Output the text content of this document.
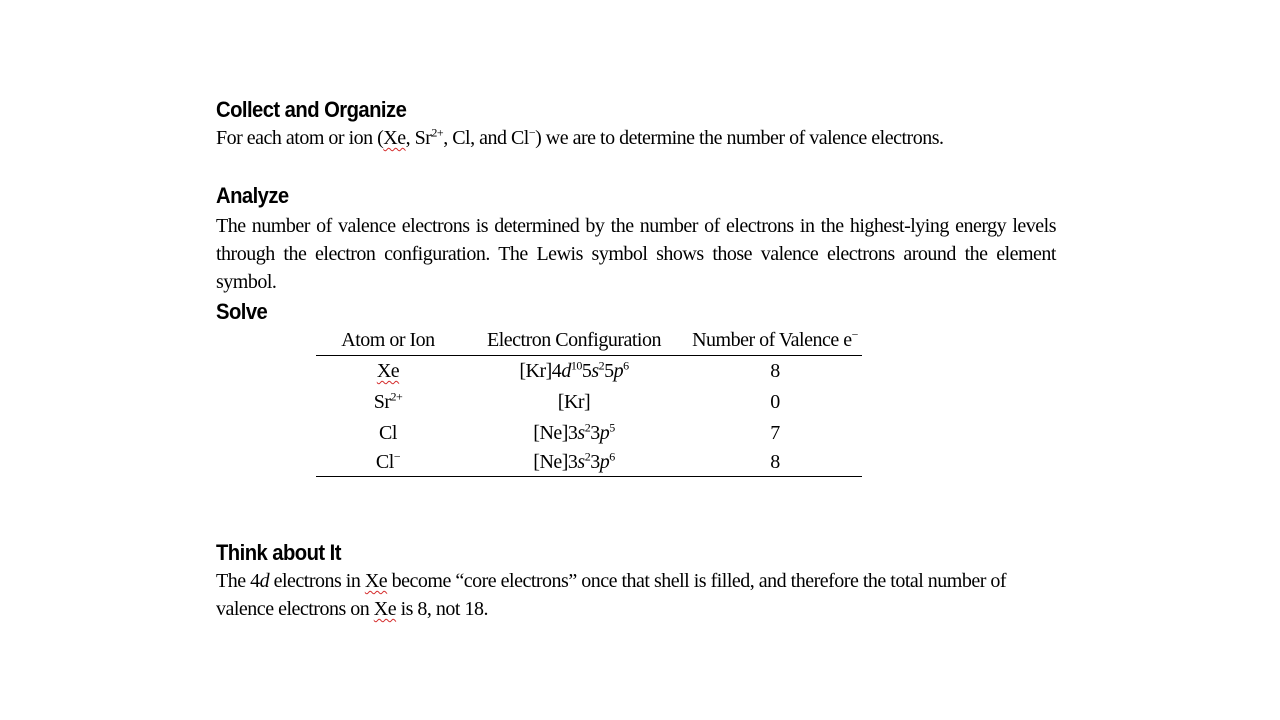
Collect and Organize
For each atom or ion (Xe, $Sr^{2+}$, Cl, and Cl−) we are to determine the number of valence electrons.
Analyze
The number of valence electrons is determined by the number of electrons in the highest-lying energy levels through the electron configuration. The Lewis symbol shows those valence electrons around the element symbol.
Solve
Atom or Ion	Electron Configuration	Number of Valence e−
Xe	$[Kr]4d^{10}5s^25p^6$	8
$Sr^{2+}$	[Kr]	0
Cl	$[Ne]3s^23p^5$	7
Cl−	$[Ne]3s^23p^6$	8
Think about It
The 4d electrons in Xe become “core electrons” once that shell is filled, and therefore the total number of valence electrons on Xe is 8, not 18.
